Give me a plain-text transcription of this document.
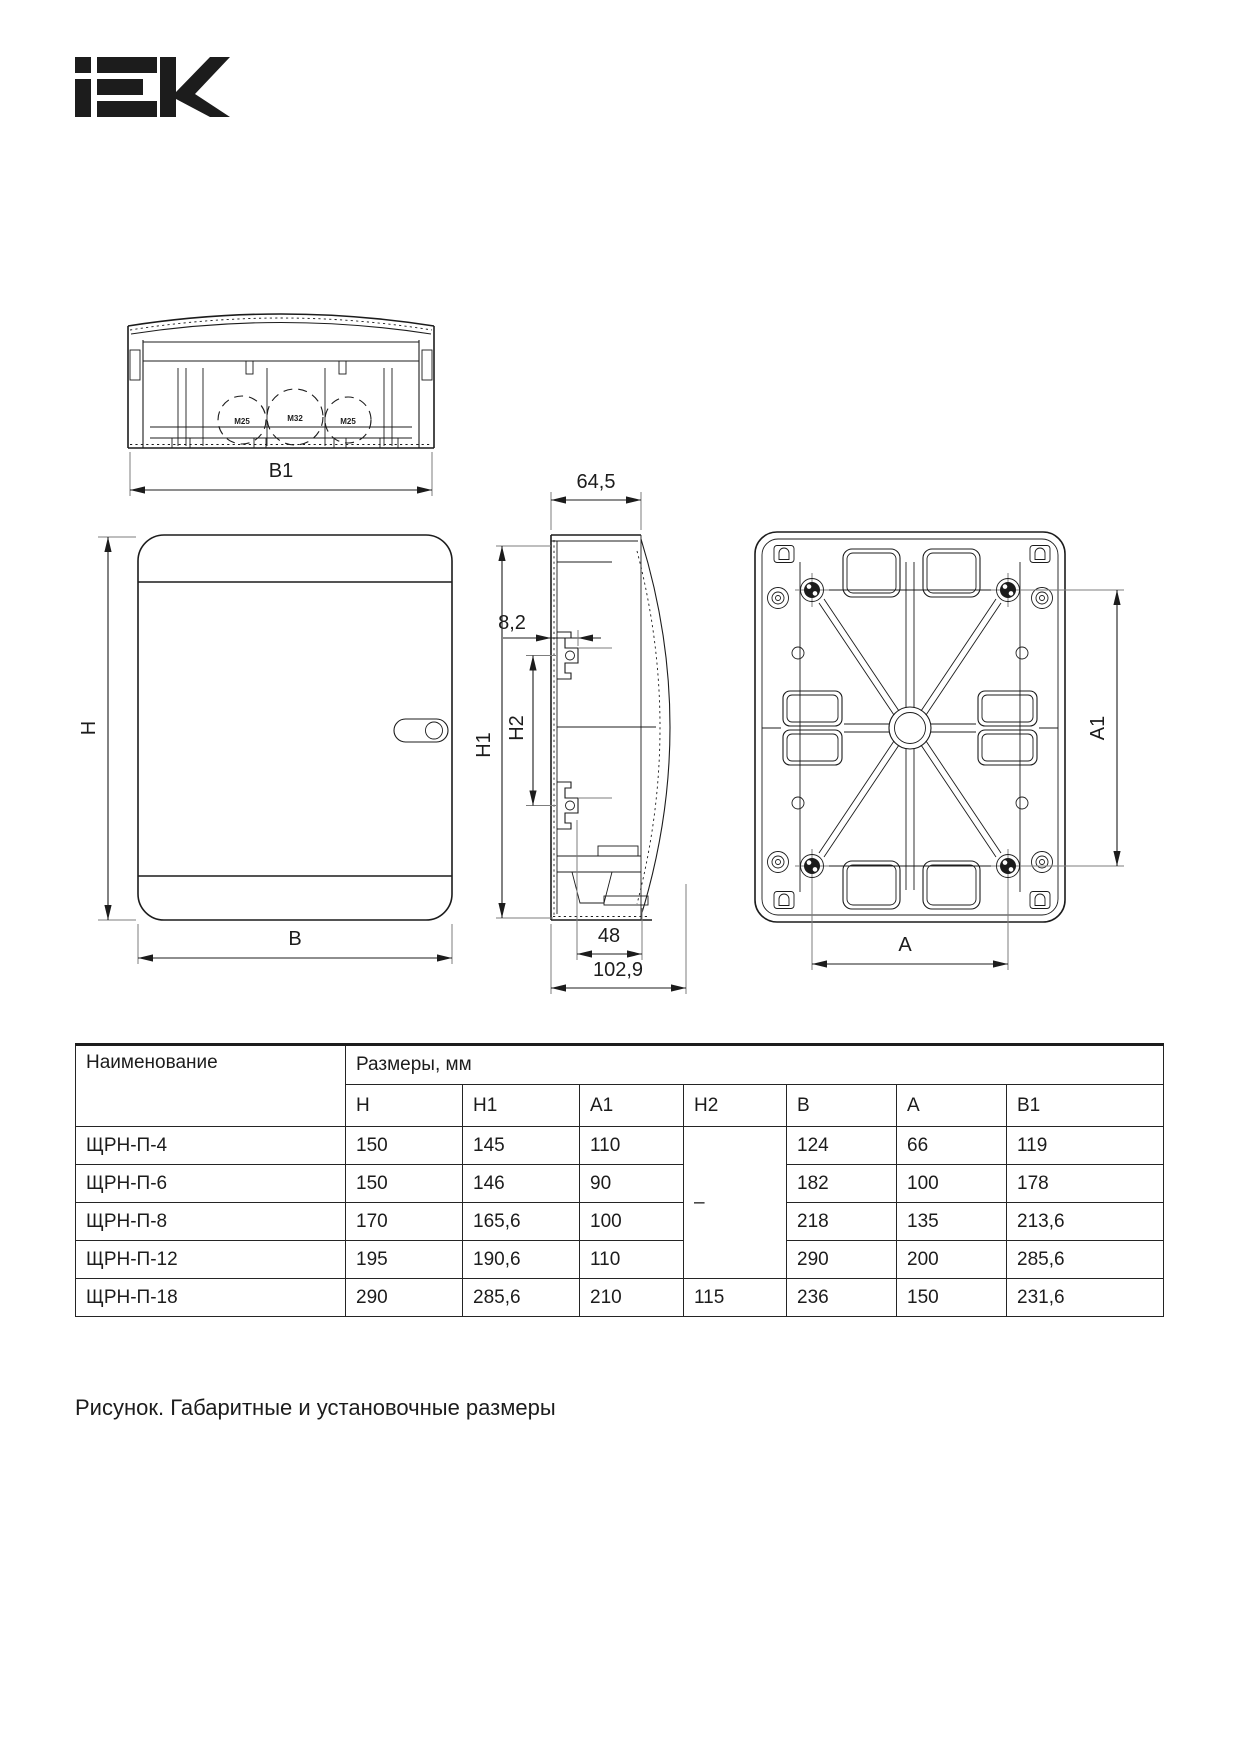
M25	M32	M25
B1
H
B
64,5
8,2
H1
H2
48
102,9
A1
A
Наименование	Размеры, мм						
	H	H1	A1	H2	B	A	B1
ЩРН-П-4	150	145	110	–	124	66	119
ЩРН-П-6	150	146	90		182	100	178
ЩРН-П-8	170	165,6	100		218	135	213,6
ЩРН-П-12	195	190,6	110		290	200	285,6
ЩРН-П-18	290	285,6	210	115	236	150	231,6
Рисунок. Габаритные и установочные размеры
